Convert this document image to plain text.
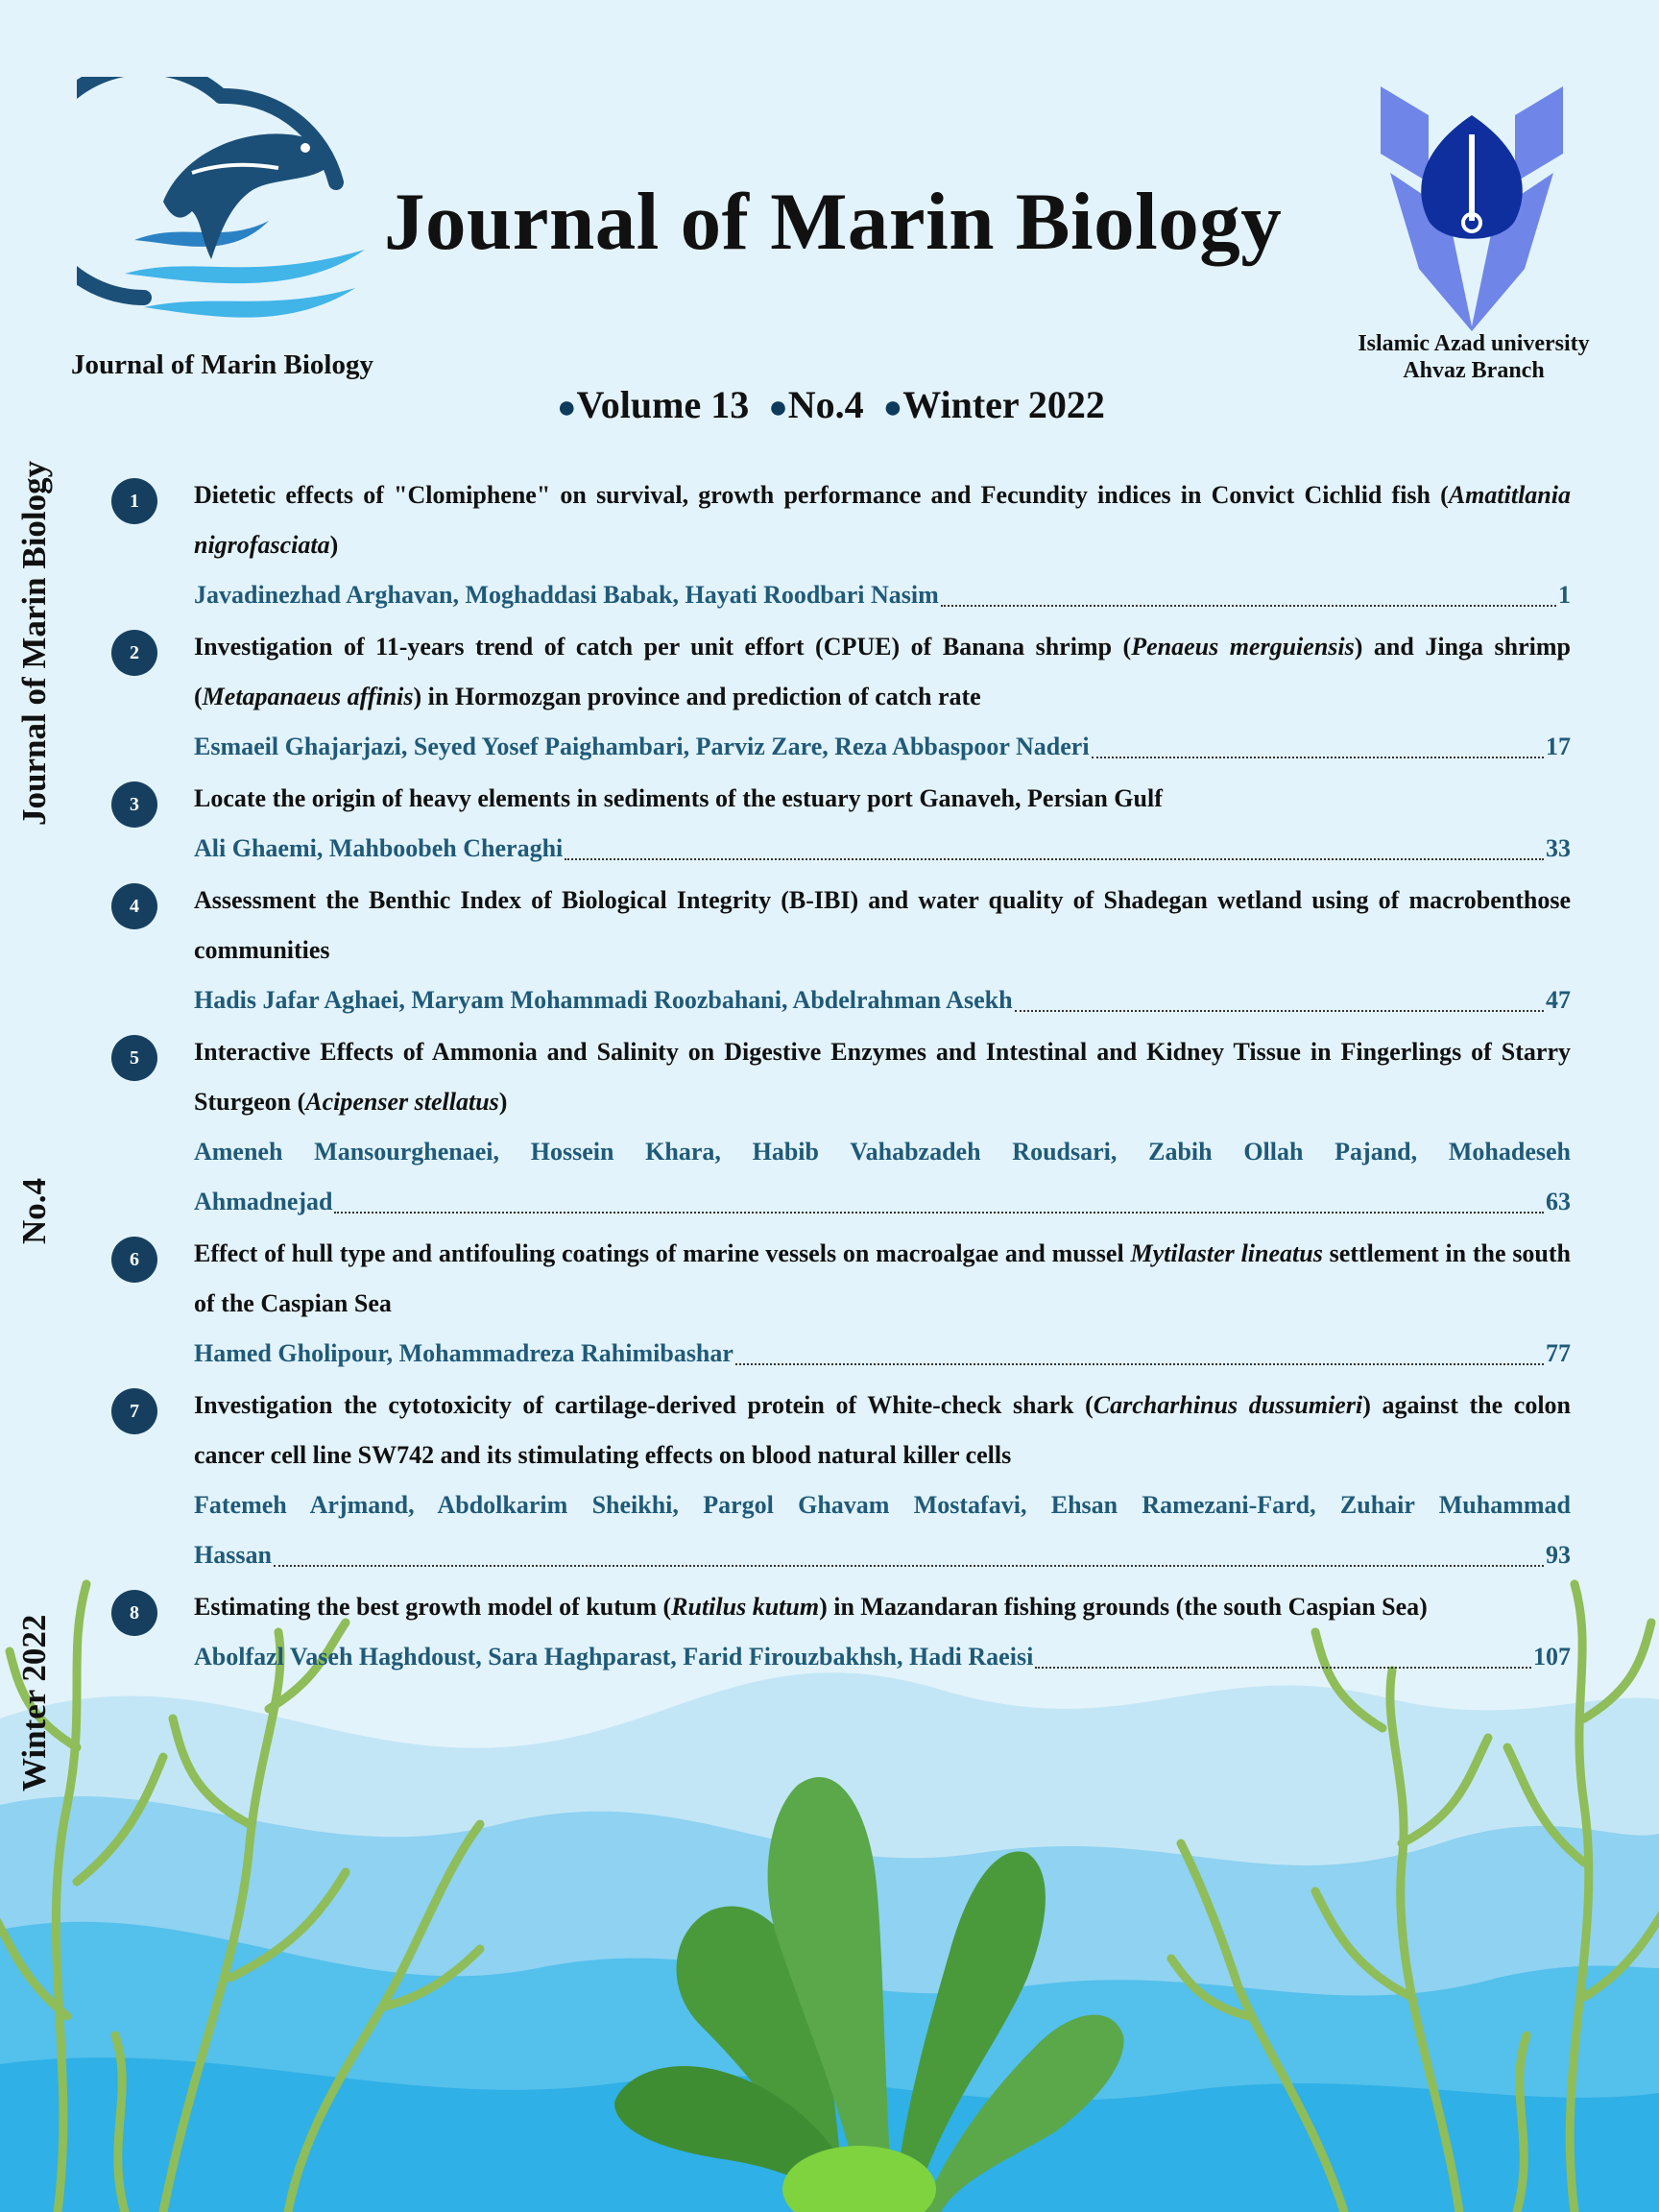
Journal of Marin Biology
Journal of Marin Biology
Islamic Azad university
Ahvaz Branch
●Volume 13 ●No.4 ●Winter 2022
Journal of Marin Biology
No.4
Winter 2022
1	Dietetic effects of "Clomiphene" on survival, growth performance and Fecundity indices in Convict Cichlid fish (Amatitlania nigrofasciata)
Javadinezhad Arghavan, Moghaddasi Babak, Hayati Roodbari Nasim	1
2	Investigation of 11-years trend of catch per unit effort (CPUE) of Banana shrimp (Penaeus merguiensis) and Jinga shrimp (Metapanaeus affinis) in Hormozgan province and prediction of catch rate
Esmaeil Ghajarjazi, Seyed Yosef Paighambari, Parviz Zare, Reza Abbaspoor Naderi	17
3	Locate the origin of heavy elements in sediments of the estuary port Ganaveh, Persian Gulf
Ali Ghaemi, Mahboobeh Cheraghi	33
4	Assessment the Benthic Index of Biological Integrity (B-IBI) and water quality of Shadegan wetland using of macrobenthose communities
Hadis Jafar Aghaei, Maryam Mohammadi Roozbahani, Abdelrahman Asekh	47
5	Interactive Effects of Ammonia and Salinity on Digestive Enzymes and Intestinal and Kidney Tissue in Fingerlings of Starry Sturgeon (Acipenser stellatus)
Ameneh Mansourghenaei, Hossein Khara, Habib Vahabzadeh Roudsari, Zabih Ollah Pajand, Mohadeseh
Ahmadnejad	63
6	Effect of hull type and antifouling coatings of marine vessels on macroalgae and mussel Mytilaster lineatus settlement in the south of the Caspian Sea
Hamed Gholipour, Mohammadreza Rahimibashar	77
7	Investigation the cytotoxicity of cartilage-derived protein of White-check shark (Carcharhinus dussumieri) against the colon cancer cell line SW742 and its stimulating effects on blood natural killer cells
Fatemeh Arjmand, Abdolkarim Sheikhi, Pargol Ghavam Mostafavi, Ehsan Ramezani-Fard, Zuhair Muhammad
Hassan	93
8	Estimating the best growth model of kutum (Rutilus kutum) in Mazandaran fishing grounds (the south Caspian Sea)
Abolfazl Vaseh Haghdoust, Sara Haghparast, Farid Firouzbakhsh, Hadi Raeisi	107
